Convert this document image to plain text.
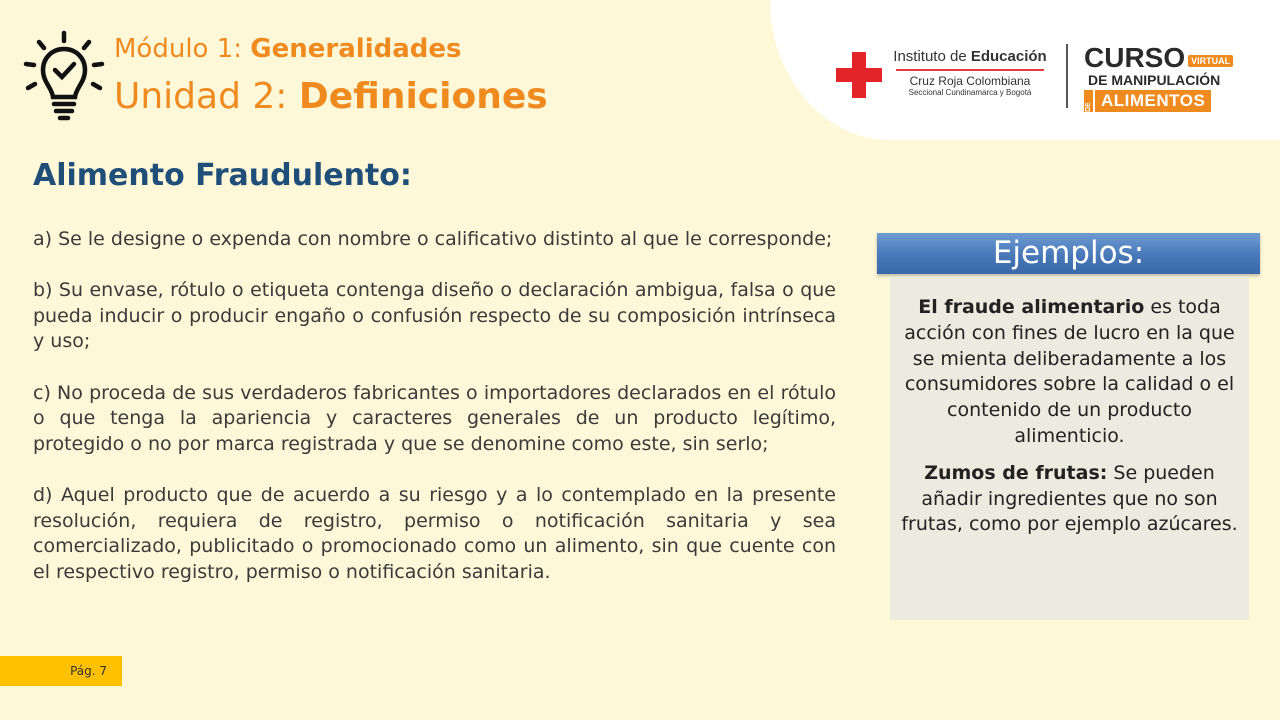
Módulo 1: Generalidades
Unidad 2: Definiciones
Instituto de Educación
Cruz Roja Colombiana
Seccional Cundinamarca y Bogotá
CURSO VIRTUAL
DE MANIPULACIÓN
DE ALIMENTOS
Alimento Fraudulento:

a) Se le designe o expenda con nombre o calificativo distinto al que le corresponde;

b) Su envase, rótulo o etiqueta contenga diseño o declaración ambigua, falsa o que pueda inducir o producir engaño o confusión respecto de su composición intrínseca y uso;

c) No proceda de sus verdaderos fabricantes o importadores declarados en el rótulo o que tenga la apariencia y caracteres generales de un producto legítimo, protegido o no por marca registrada y que se denomine como este, sin serlo;

d) Aquel producto que de acuerdo a su riesgo y a lo contemplado en la presente resolución, requiera de registro, permiso o notificación sanitaria y sea comercializado, publicitado o promocionado como un alimento, sin que cuente con el respectivo registro, permiso o notificación sanitaria.

Ejemplos:

El fraude alimentario es toda acción con fines de lucro en la que se mienta deliberadamente a los consumidores sobre la calidad o el contenido de un producto alimenticio.

Zumos de frutas: Se pueden añadir ingredientes que no son frutas, como por ejemplo azúcares.

Pág. 7
